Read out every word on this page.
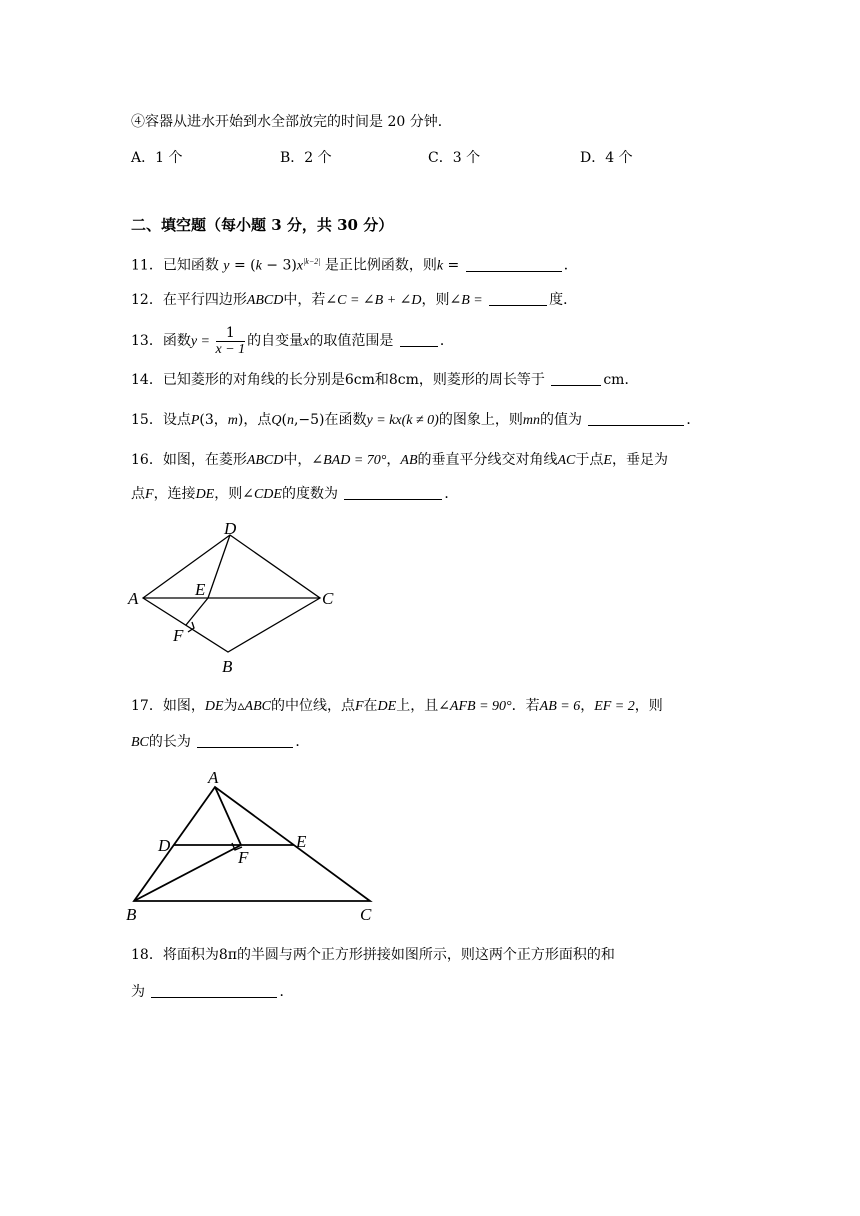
④容器从进水开始到水全部放完的时间是 20 分钟．
A．1 个	B．2 个	C．3 个	D．4 个
二、填空题（每小题 3 分，共 30 分）
11．已知函数 $y = (k - 3)x^{|k-2|}$ 是正比例函数，则k =	．
12．在平行四边形ABCD中，若∠C = ∠B + ∠D，则∠B =	度．
13．函数$y = \frac{1}{x - 1}$ 的自变量x的取值范围是	．
14．已知菱形的对角线的长分别是6cm和8cm，则菱形的周长等于	cm．
15．设点P(3，m)，点Q(n,−5)在函数y = kx(k ≠ 0)的图象上，则mn的值为	．
16．如图，在菱形ABCD中，∠BAD = 70°，AB的垂直平分线交对角线AC于点E，垂足为
点F，连接DE，则∠CDE的度数为	．
D
A	E	C
F
B
17．如图，DE为▵ABC的中位线，点F在DE上，且∠AFB = 90°．若AB = 6，EF = 2，则
BC的长为	．
A
D	E
F
B	C
18．将面积为8π的半圆与两个正方形拼接如图所示，则这两个正方形面积的和
为	．
